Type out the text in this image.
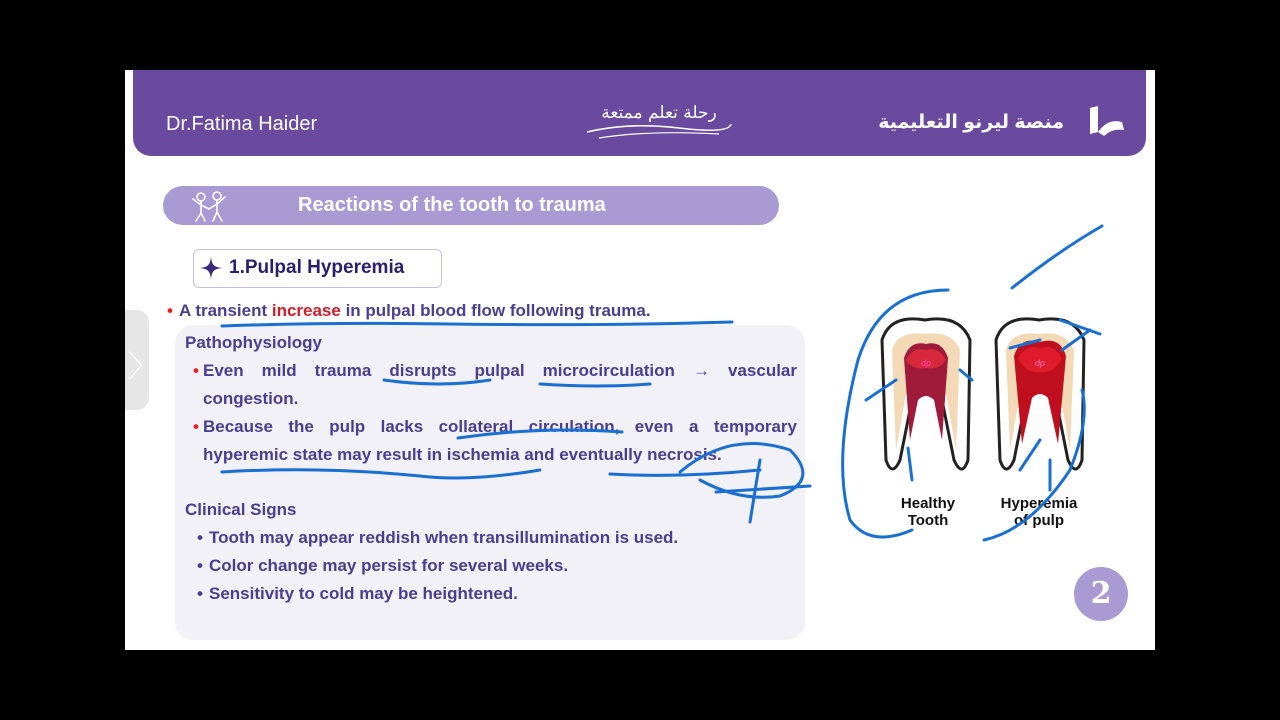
Dr.Fatima Haider	رحلة تعلم ممتعة	منصة ليرنو التعليمية
Reactions of the tooth to trauma
1.Pulpal Hyperemia
• A transient increase in pulpal blood flow following trauma.
Pathophysiology
• Even mild trauma disrupts pulpal microcirculation → vascular congestion.
• Because the pulp lacks collateral circulation, even a temporary hyperemic state may result in ischemia and eventually necrosis.
Clinical Signs
• Tooth may appear reddish when transillumination is used.
• Color change may persist for several weeks.
• Sensitivity to cold may be heightened.
dp	dp
Healthy
Tooth
Hyperemia
of pulp
2
〉
